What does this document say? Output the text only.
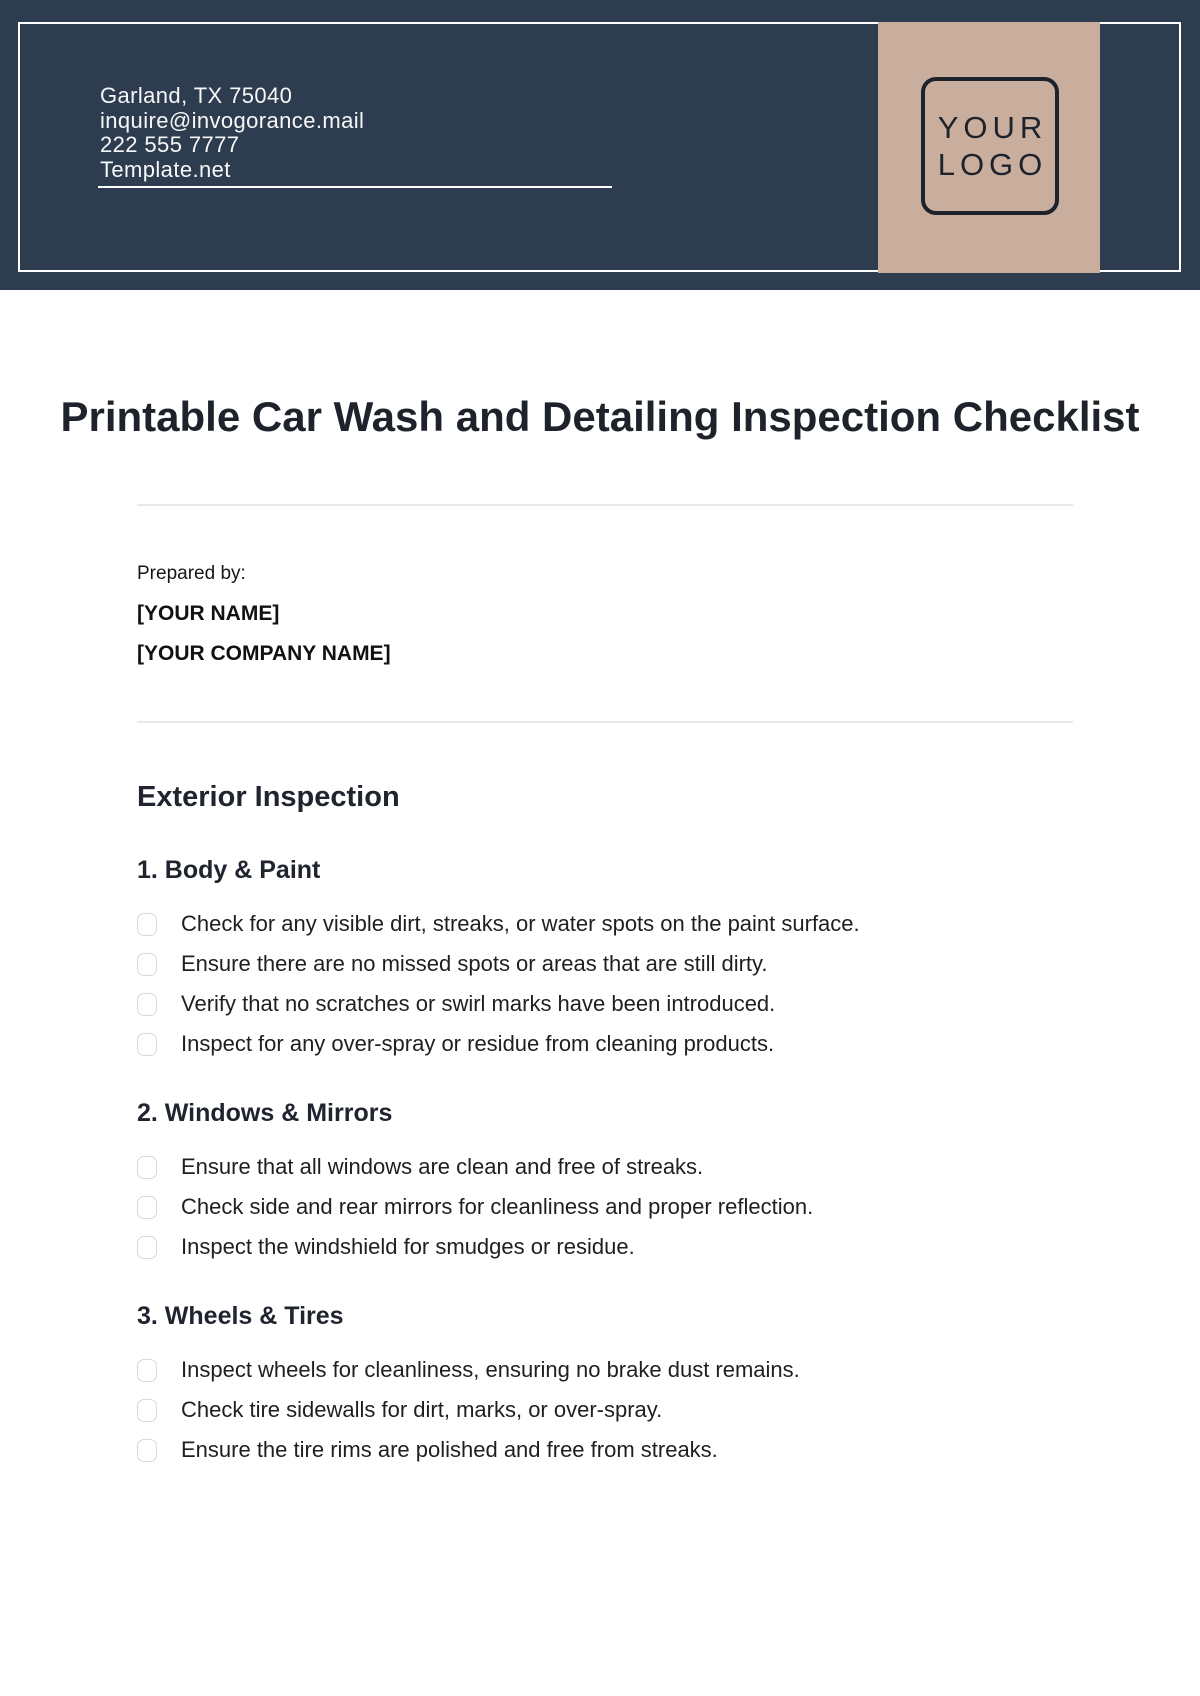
Garland, TX 75040
inquire@invogorance.mail
222 555 7777
Template.net
YOUR
LOGO
Printable Car Wash and Detailing Inspection Checklist

Prepared by:

[YOUR NAME]

[YOUR COMPANY NAME]

Exterior Inspection
1. Body & Paint
Check for any visible dirt, streaks, or water spots on the paint surface.
Ensure there are no missed spots or areas that are still dirty.
Verify that no scratches or swirl marks have been introduced.
Inspect for any over-spray or residue from cleaning products.
2. Windows & Mirrors
Ensure that all windows are clean and free of streaks.
Check side and rear mirrors for cleanliness and proper reflection.
Inspect the windshield for smudges or residue.
3. Wheels & Tires
Inspect wheels for cleanliness, ensuring no brake dust remains.
Check tire sidewalls for dirt, marks, or over-spray.
Ensure the tire rims are polished and free from streaks.
